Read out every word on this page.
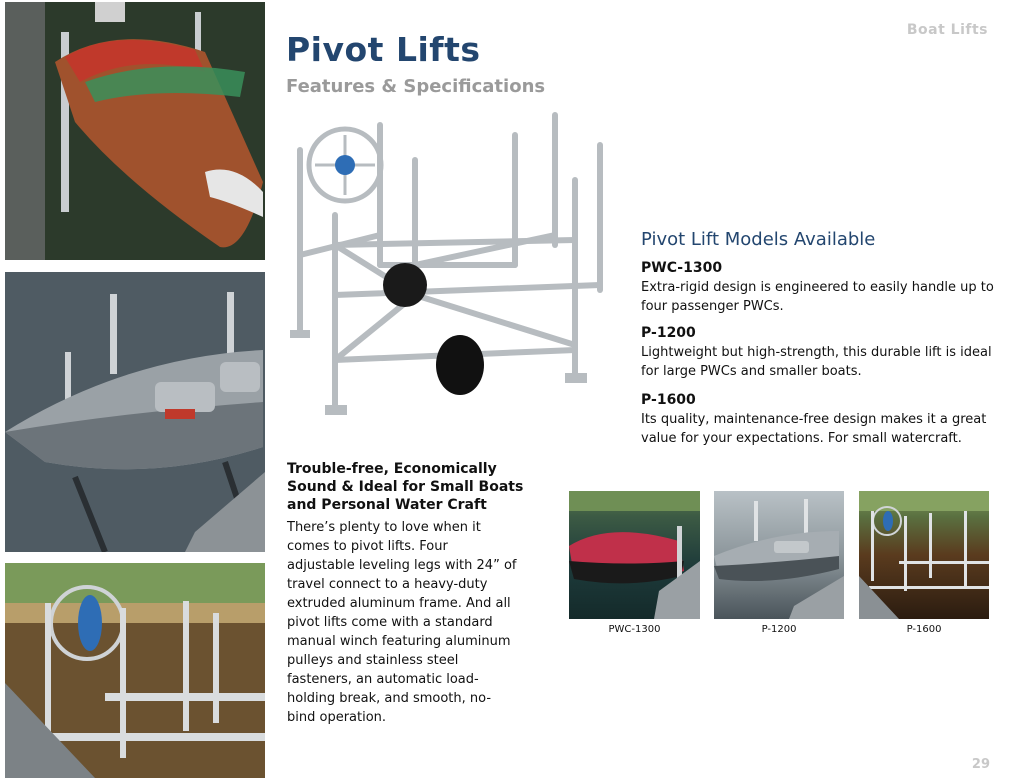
Boat Lifts
Pivot Lifts
Features & Specifications
Pivot Lift Models Available
PWC-1300
Extra-rigid design is engineered to easily handle up to four passenger PWCs.
P-1200
Lightweight but high-strength, this durable lift is ideal for large PWCs and smaller boats.
P-1600
Its quality, maintenance-free design makes it a great value for your expectations. For small watercraft.
Trouble-free, Economically Sound & Ideal for Small Boats and Personal Water Craft
There’s plenty to love when it comes to pivot lifts. Four adjustable leveling legs with 24” of travel connect to a heavy-duty extruded aluminum frame. And all pivot lifts come with a standard manual winch featuring aluminum pulleys and stainless steel fasteners, an automatic load-holding break, and smooth, no-bind operation.
PWC-1300	P-1200	P-1600
29
